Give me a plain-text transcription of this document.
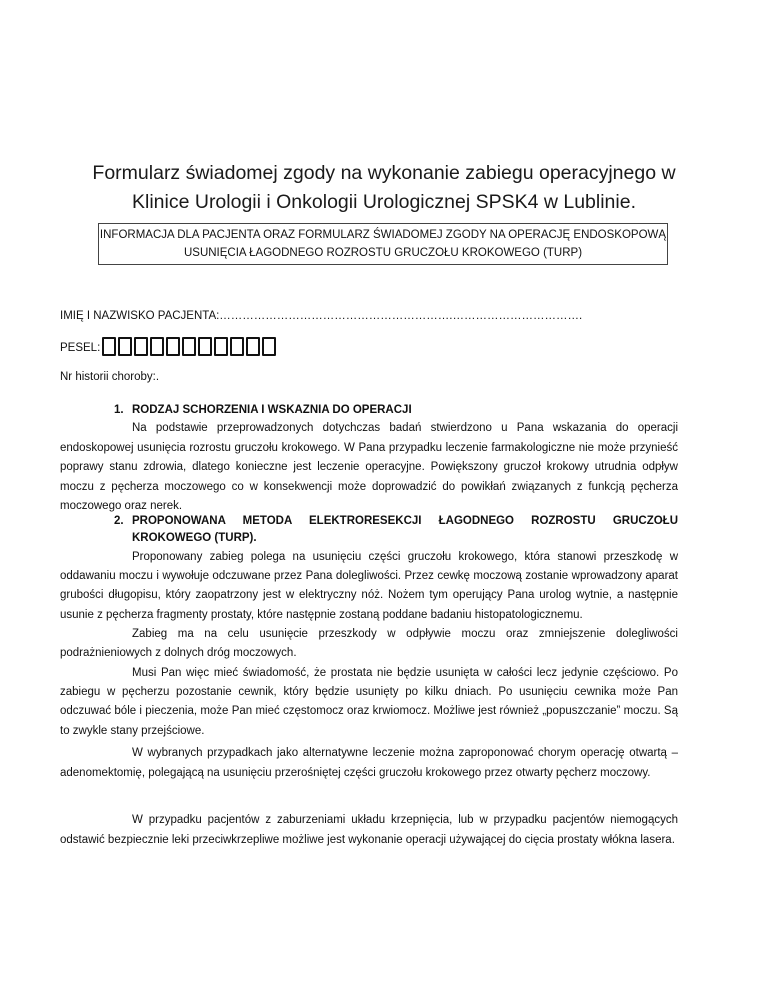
Formularz świadomej zgody na wykonanie zabiegu operacyjnego w
Klinice Urologii i Onkologii Urologicznej SPSK4 w Lublinie.
INFORMACJA DLA PACJENTA ORAZ FORMULARZ ŚWIADOMEJ ZGODY NA OPERACJĘ ENDOSKOPOWĄ
USUNIĘCIA ŁAGODNEGO ROZROSTU GRUCZOŁU KROKOWEGO (TURP)
IMIĘ I NAZWISKO PACJENTA:…………………………………………………….…………………………….
PESEL:
Nr historii choroby:.
1. RODZAJ SCHORZENIA I WSKAZNIA DO OPERACJI

Na podstawie przeprowadzonych dotychczas badań stwierdzono u Pana wskazania do operacji endoskopowej usunięcia rozrostu gruczołu krokowego. W Pana przypadku leczenie farmakologiczne nie może przynieść poprawy stanu zdrowia, dlatego konieczne jest leczenie operacyjne. Powiększony gruczoł krokowy utrudnia odpływ moczu z pęcherza moczowego co w konsekwencji może doprowadzić do powikłań związanych z funkcją pęcherza moczowego oraz nerek.

2. PROPONOWANA METODA ELEKTRORESEKCJI ŁAGODNEGO ROZROSTU GRUCZOŁU
KROKOWEGO (TURP).

Proponowany zabieg polega na usunięciu części gruczołu krokowego, która stanowi przeszkodę w oddawaniu moczu i wywołuje odczuwane przez Pana dolegliwości. Przez cewkę moczową zostanie wprowadzony aparat grubości długopisu, który zaopatrzony jest w elektryczny nóż. Nożem tym operujący Pana urolog wytnie, a następnie usunie z pęcherza fragmenty prostaty, które następnie zostaną poddane badaniu histopatologicznemu.

Zabieg ma na celu usunięcie przeszkody w odpływie moczu oraz zmniejszenie dolegliwości podrażnieniowych z dolnych dróg moczowych.

Musi Pan więc mieć świadomość, że prostata nie będzie usunięta w całości lecz jedynie częściowo. Po zabiegu w pęcherzu pozostanie cewnik, który będzie usunięty po kilku dniach. Po usunięciu cewnika może Pan odczuwać bóle i pieczenia, może Pan mieć częstomocz oraz krwiomocz. Możliwe jest również „popuszczanie” moczu. Są to zwykle stany przejściowe.

W wybranych przypadkach jako alternatywne leczenie można zaproponować chorym operację otwartą – adenomektomię, polegającą na usunięciu przerośniętej części gruczołu krokowego przez otwarty pęcherz moczowy.

W przypadku pacjentów z zaburzeniami układu krzepnięcia, lub w przypadku pacjentów niemogących odstawić bezpiecznie leki przeciwkrzepliwe możliwe jest wykonanie operacji używającej do cięcia prostaty włókna lasera.
